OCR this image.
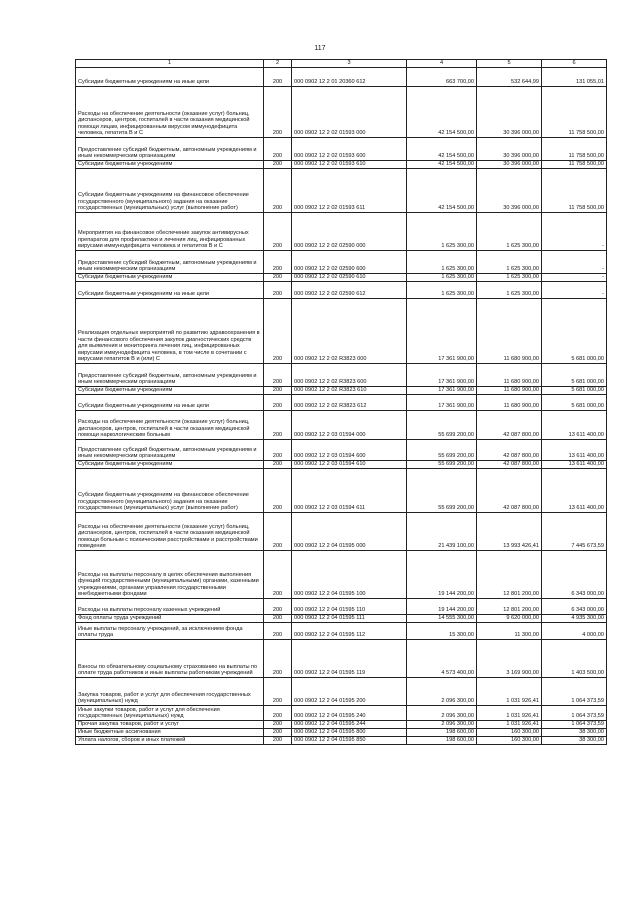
117
1	2	3	4	5	6
Субсидии бюджетным учреждениям на иные цели	200	000 0902 12 2 01 20360 612	663 700,00	532 644,99	131 055,01
Расходы на обеспечение деятельности (оказание услуг) больниц, диспансеров, центров, госпиталей в части оказания медицинской помощи лицам, инфицированным вирусом иммунодефицита человека, гепатита В и С	200	000 0902 12 2 02 01593 000	42 154 500,00	30 396 000,00	11 758 500,00
Предоставление субсидий бюджетным, автономным учреждениям и иным некоммерческим организациям	200	000 0902 12 2 02 01593 600	42 154 500,00	30 396 000,00	11 758 500,00
Субсидии бюджетным учреждениям	200	000 0902 12 2 02 01593 610	42 154 500,00	30 396 000,00	11 758 500,00
Субсидии бюджетным учреждениям на финансовое обеспечение государственного (муниципального) задания на оказание государственных (муниципальных) услуг (выполнение работ)	200	000 0902 12 2 02 01593 611	42 154 500,00	30 396 000,00	11 758 500,00
Мероприятия на финансовое обеспечение закупок антивирусных препаратов для профилактики и лечения лиц, инфицированных вирусами иммунодефицита человека и гепатитов В и С	200	000 0902 12 2 02 02590 000	1 625 300,00	1 625 300,00	-
Предоставление субсидий бюджетным, автономным учреждениям и иным некоммерческим организациям	200	000 0902 12 2 02 02590 600	1 625 300,00	1 625 300,00	-
Субсидии бюджетным учреждениям	200	000 0902 12 2 02 02590 610	1 625 300,00	1 625 300,00	-
Субсидии бюджетным учреждениям на иные цели	200	000 0902 12 2 02 02590 612	1 625 300,00	1 625 300,00	-
Реализация отдельных мероприятий по развитию здравоохранения в части финансового обеспечения закупок диагностических средств для выявления и мониторинга лечения лиц, инфицированных вирусами иммунодефицита человека, в том числе в сочетании с вирусами гепатитов В и (или) С	200	000 0902 12 2 02 R3823 000	17 361 900,00	11 680 900,00	5 681 000,00
Предоставление субсидий бюджетным, автономным учреждениям и иным некоммерческим организациям	200	000 0902 12 2 02 R3823 600	17 361 900,00	11 680 900,00	5 681 000,00
Субсидии бюджетным учреждениям	200	000 0902 12 2 02 R3823 610	17 361 900,00	11 680 900,00	5 681 000,00
Субсидии бюджетным учреждениям на иные цели	200	000 0902 12 2 02 R3823 612	17 361 900,00	11 680 900,00	5 681 000,00
Расходы на обеспечение деятельности (оказание услуг) больниц, диспансеров, центров, госпиталей в части оказания медицинской помощи наркологическим больным	200	000 0902 12 2 03 01594 000	55 699 200,00	42 087 800,00	13 611 400,00
Предоставление субсидий бюджетным, автономным учреждениям и иным некоммерческим организациям	200	000 0902 12 2 03 01594 600	55 699 200,00	42 087 800,00	13 611 400,00
Субсидии бюджетным учреждениям	200	000 0902 12 2 03 01594 610	55 699 200,00	42 087 800,00	13 611 400,00
Субсидии бюджетным учреждениям на финансовое обеспечение государственного (муниципального) задания на оказание государственных (муниципальных) услуг (выполнение работ)	200	000 0902 12 2 03 01594 611	55 699 200,00	42 087 800,00	13 611 400,00
Расходы на обеспечение деятельности (оказание услуг) больниц, диспансеров, центров, госпиталей в части оказания медицинской помощи больным с психическими расстройствами и расстройствами поведения	200	000 0902 12 2 04 01595 000	21 439 100,00	13 993 426,41	7 445 673,59
Расходы на выплаты персоналу в целях обеспечения выполнения функций государственными (муниципальными) органами, казенными учреждениями, органами управления государственными внебюджетными фондами	200	000 0902 12 2 04 01595 100	19 144 200,00	12 801 200,00	6 343 000,00
Расходы на выплаты персоналу казенных учреждений	200	000 0902 12 2 04 01595 110	19 144 200,00	12 801 200,00	6 343 000,00
Фонд оплаты труда учреждений	200	000 0902 12 2 04 01595 111	14 555 300,00	9 620 000,00	4 935 300,00
Иные выплаты персоналу учреждений, за исключением фонда оплаты труда	200	000 0902 12 2 04 01595 112	15 300,00	11 300,00	4 000,00
Взносы по обязательному социальному страхованию на выплаты по оплате труда работников и иные выплаты работникам учреждений	200	000 0902 12 2 04 01595 119	4 573 400,00	3 169 900,00	1 403 500,00
Закупка товаров, работ и услуг для обеспечения государственных (муниципальных) нужд	200	000 0902 12 2 04 01595 200	2 096 300,00	1 031 926,41	1 064 373,59
Иные закупки товаров, работ и услуг для обеспечения государственных (муниципальных) нужд	200	000 0902 12 2 04 01595 240	2 096 300,00	1 031 926,41	1 064 373,59
Прочая закупка товаров, работ и услуг	200	000 0902 12 2 04 01595 244	2 096 300,00	1 031 926,41	1 064 373,59
Иные бюджетные ассигнования	200	000 0902 12 2 04 01595 800	198 600,00	160 300,00	38 300,00
Уплата налогов, сборов и иных платежей	200	000 0902 12 2 04 01595 850	198 600,00	160 300,00	38 300,00
